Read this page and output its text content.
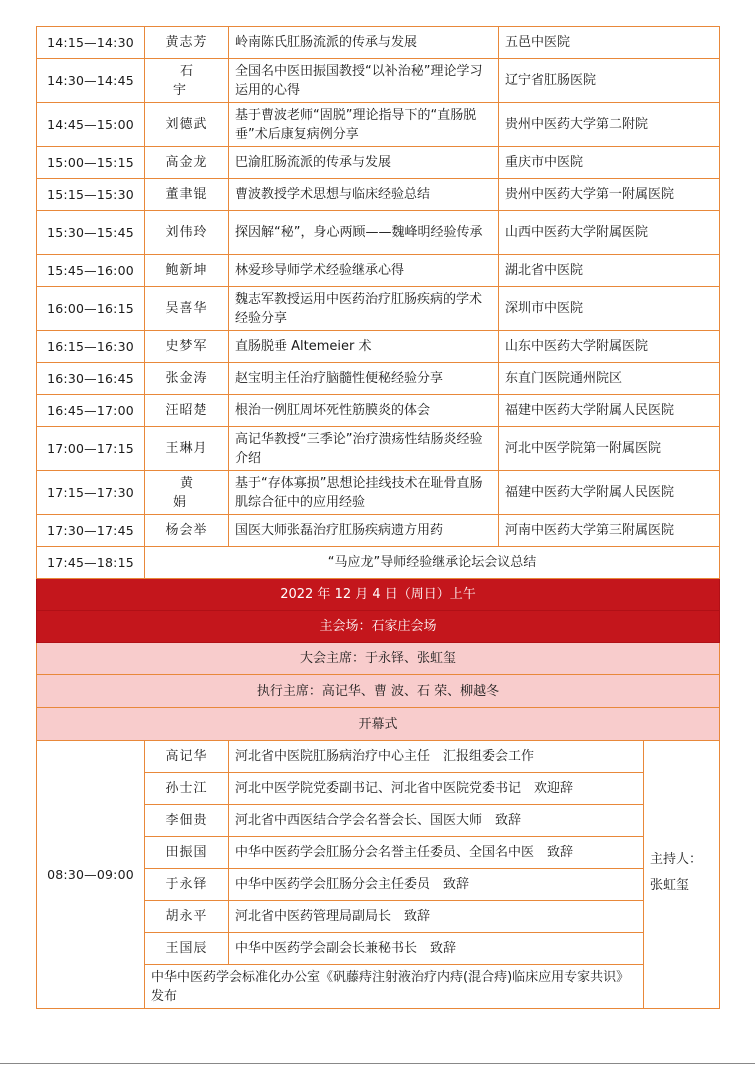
14:15—14:30	黄志芳	岭南陈氏肛肠流派的传承与发展	五邑中医院	
14:30—14:45	石　宇	全国名中医田振国教授“以补治秘”理论学习运用的心得	辽宁省肛肠医院	
14:45—15:00	刘德武	基于曹波老师“固脱”理论指导下的“直肠脱垂”术后康复病例分享	贵州中医药大学第二附院	
15:00—15:15	高金龙	巴渝肛肠流派的传承与发展	重庆市中医院	
15:15—15:30	董聿锟	曹波教授学术思想与临床经验总结	贵州中医药大学第一附属医院	
15:30—15:45	刘伟玲	探因解“秘”，身心两顾——魏峰明经验传承	山西中医药大学附属医院	
15:45—16:00	鲍新坤	林爱珍导师学术经验继承心得	湖北省中医院	
16:00—16:15	吴喜华	魏志军教授运用中医药治疗肛肠疾病的学术经验分享	深圳市中医院	
16:15—16:30	史梦军	直肠脱垂 Altemeier 术	山东中医药大学附属医院	
16:30—16:45	张金涛	赵宝明主任治疗脑髓性便秘经验分享	东直门医院通州院区	
16:45—17:00	汪昭楚	根治一例肛周坏死性筋膜炎的体会	福建中医药大学附属人民医院	
17:00—17:15	王琳月	高记华教授“三季论”治疗溃疡性结肠炎经验介绍	河北中医学院第一附属医院	
17:15—17:30	黄　娟	基于“存体寡损”思想论挂线技术在耻骨直肠肌综合征中的应用经验	福建中医药大学附属人民医院	
17:30—17:45	杨会举	国医大师张磊治疗肛肠疾病遗方用药	河南中医药大学第三附属医院	
17:45—18:15	“马应龙”导师经验继承论坛会议总结			
2022 年 12 月 4 日（周日）上午				
主会场：石家庄会场				
大会主席：于永铎、张虹玺				
执行主席：高记华、曹 波、石 荣、柳越冬				
开幕式				
08:30—09:00	高记华	河北省中医院肛肠病治疗中心主任　汇报组委会工作		主持人：
张虹玺

	孙士江	河北中医学院党委副书记、河北省中医院党委书记　欢迎辞		
	李佃贵	河北省中西医结合学会名誉会长、国医大师　致辞		
	田振国	中华中医药学会肛肠分会名誉主任委员、全国名中医　致辞		
	于永铎	中华中医药学会肛肠分会主任委员　致辞		
	胡永平	河北省中医药管理局副局长　致辞		
	王国辰	中华中医药学会副会长兼秘书长　致辞		
	中华中医药学会标准化办公室《矾藤痔注射液治疗内痔(混合痔)临床应用专家共识》发布			
